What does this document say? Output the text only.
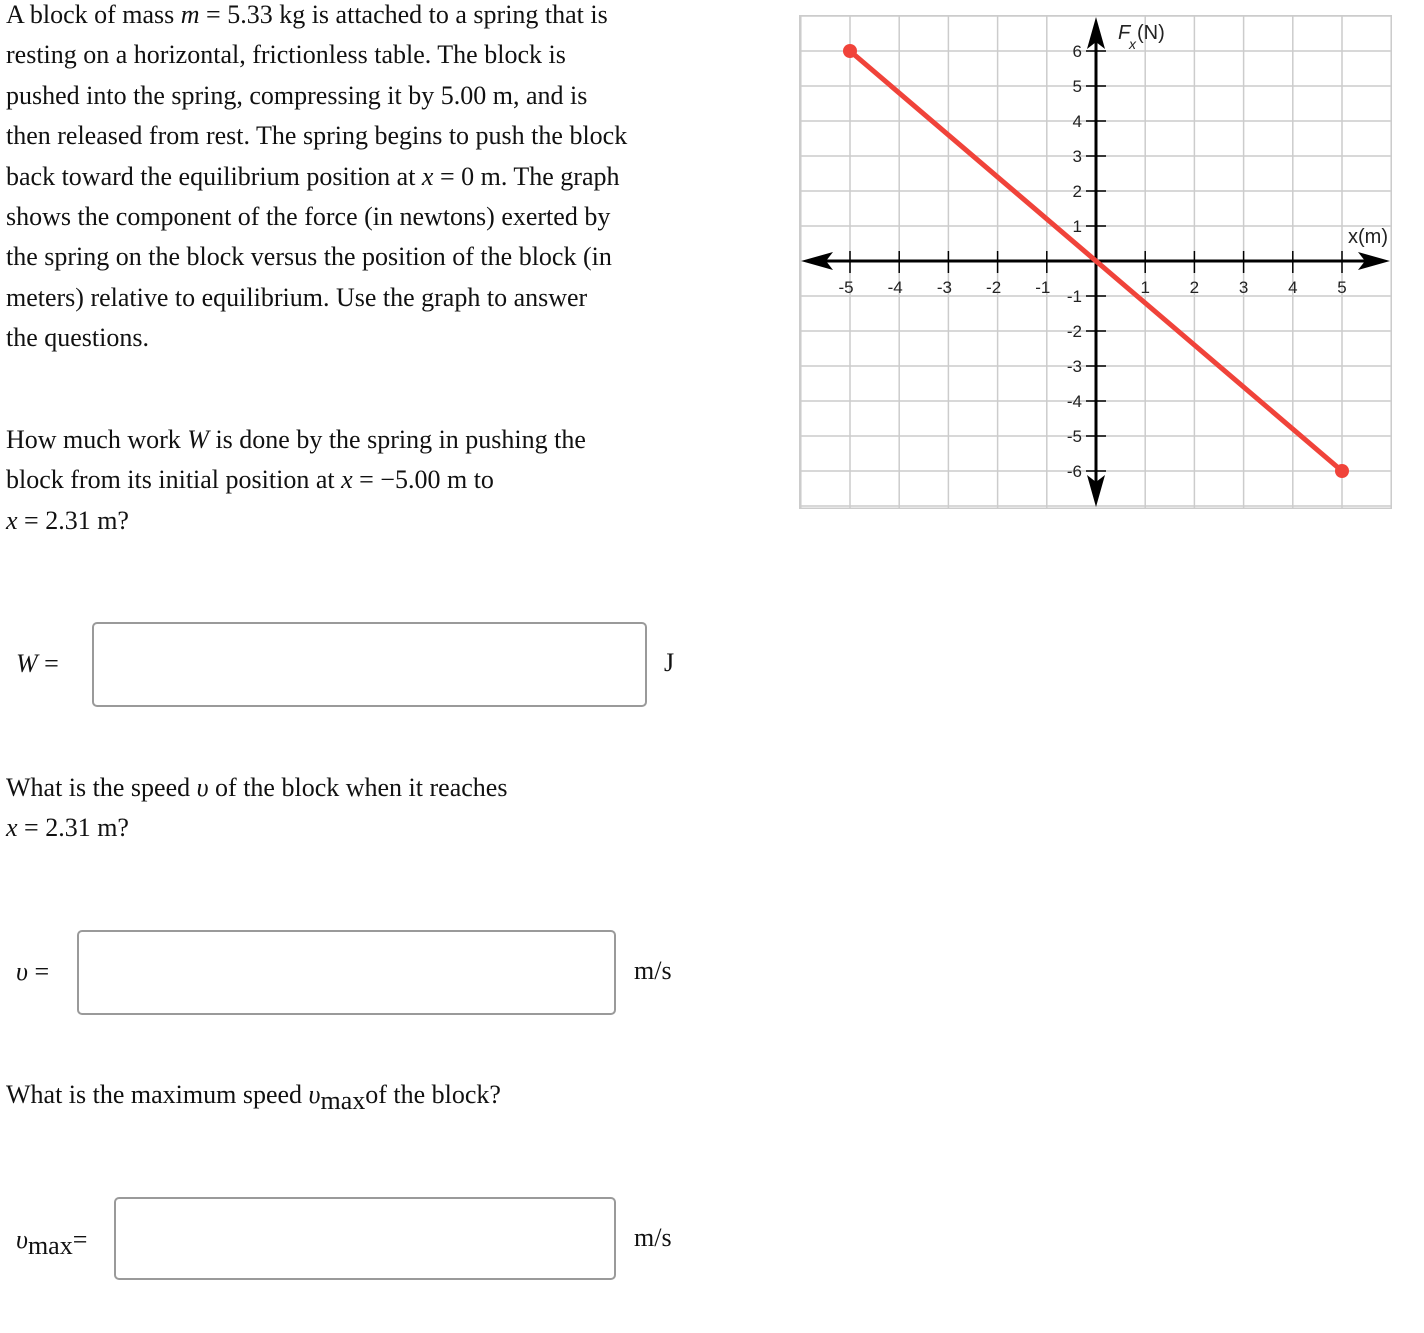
A block of mass m = 5.33 kg is attached to a spring that is
resting on a horizontal, frictionless table. The block is
pushed into the spring, compressing it by 5.00 m, and is
then released from rest. The spring begins to push the block
back toward the equilibrium position at x = 0 m. The graph
shows the component of the force (in newtons) exerted by
the spring on the block versus the position of the block (in
meters) relative to equilibrium. Use the graph to answer
the questions.
How much work W is done by the spring in pushing the
block from its initial position at x = −5.00 m to
x = 2.31 m?
W =	J
What is the speed υ of the block when it reaches
x = 2.31 m?
υ =	m/s
What is the maximum speed υmaxof the block?
υmax=	m/s
-5 -4 -3 -2 -1	1 2 3 4 5
-6
-5
-4
-3
-2
-1
1
2
3
4
5
6
x(m)
F
x (N)
